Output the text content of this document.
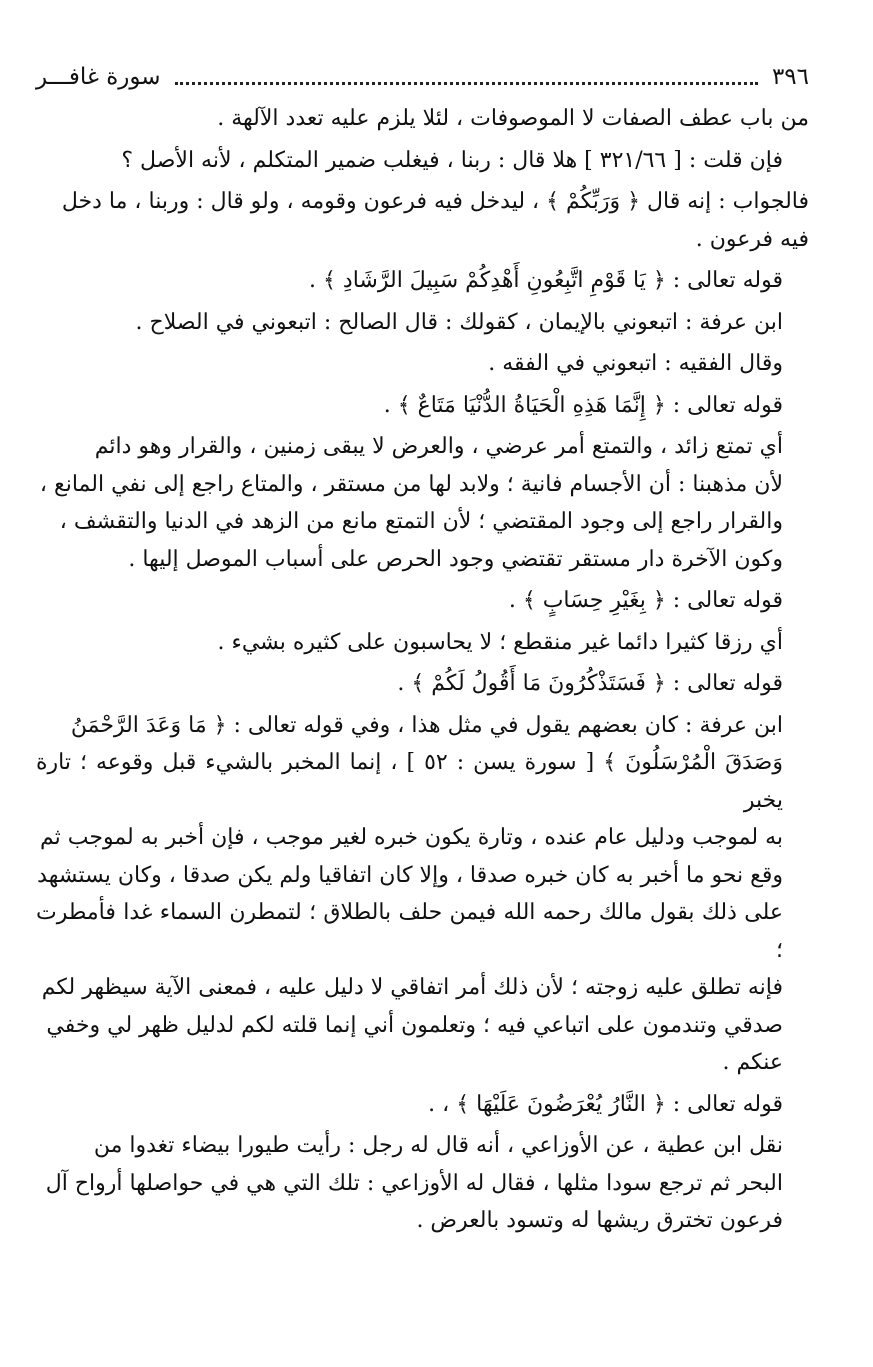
٣٩٦
سورة غافـــر
من باب عطف الصفات لا الموصوفات ، لئلا يلزم عليه تعدد الآلهة .
فإن قلت : [ ٣٢١/٦٦ ] هلا قال : ربنا ، فيغلب ضمير المتكلم ، لأنه الأصل ؟
فالجواب : إنه قال ﴿ وَرَبِّكُمْ ﴾ ، ليدخل فيه فرعون وقومه ، ولو قال : وربنا ، ما دخل
فيه فرعون .
قوله تعالى : ﴿ يَا قَوْمِ اتَّبِعُونِ أَهْدِكُمْ سَبِيلَ الرَّشَادِ ﴾ .
ابن عرفة : اتبعوني بالإيمان ، كقولك : قال الصالح : اتبعوني في الصلاح .
وقال الفقيه : اتبعوني في الفقه .
قوله تعالى : ﴿ إِنَّمَا هَذِهِ الْحَيَاةُ الدُّنْيَا مَتَاعٌ ﴾ .
أي تمتع زائد ، والتمتع أمر عرضي ، والعرض لا يبقى زمنين ، والقرار وهو دائم
لأن مذهبنا : أن الأجسام فانية ؛ ولابد لها من مستقر ، والمتاع راجع إلى نفي المانع ،
والقرار راجع إلى وجود المقتضي ؛ لأن التمتع مانع من الزهد في الدنيا والتقشف ،
وكون الآخرة دار مستقر تقتضي وجود الحرص على أسباب الموصل إليها .
قوله تعالى : ﴿ بِغَيْرِ حِسَابٍ ﴾ .
أي رزقا كثيرا دائما غير منقطع ؛ لا يحاسبون على كثيره بشيء .
قوله تعالى : ﴿ فَسَتَذْكُرُونَ مَا أَقُولُ لَكُمْ ﴾ .
ابن عرفة : كان بعضهم يقول في مثل هذا ، وفي قوله تعالى : ﴿ مَا وَعَدَ الرَّحْمَنُ
وَصَدَقَ الْمُرْسَلُونَ ﴾ [ سورة يسن : ٥٢ ] ، إنما المخبر بالشيء قبل وقوعه ؛ تارة يخبر
به لموجب ودليل عام عنده ، وتارة يكون خبره لغير موجب ، فإن أخبر به لموجب ثم
وقع نحو ما أخبر به كان خبره صدقا ، وإلا كان اتفاقيا ولم يكن صدقا ، وكان يستشهد
على ذلك بقول مالك رحمه الله فيمن حلف بالطلاق ؛ لتمطرن السماء غدا فأمطرت ؛
فإنه تطلق عليه زوجته ؛ لأن ذلك أمر اتفاقي لا دليل عليه ، فمعنى الآية سيظهر لكم
صدقي وتندمون على اتباعي فيه ؛ وتعلمون أني إنما قلته لكم لدليل ظهر لي وخفي
عنكم .
قوله تعالى : ﴿ النَّارُ يُعْرَضُونَ عَلَيْهَا ﴾ ، .
نقل ابن عطية ، عن الأوزاعي ، أنه قال له رجل : رأيت طيورا بيضاء تغدوا من
البحر ثم ترجع سودا مثلها ، فقال له الأوزاعي : تلك التي هي في حواصلها أرواح آل
فرعون تخترق ريشها له وتسود بالعرض .
